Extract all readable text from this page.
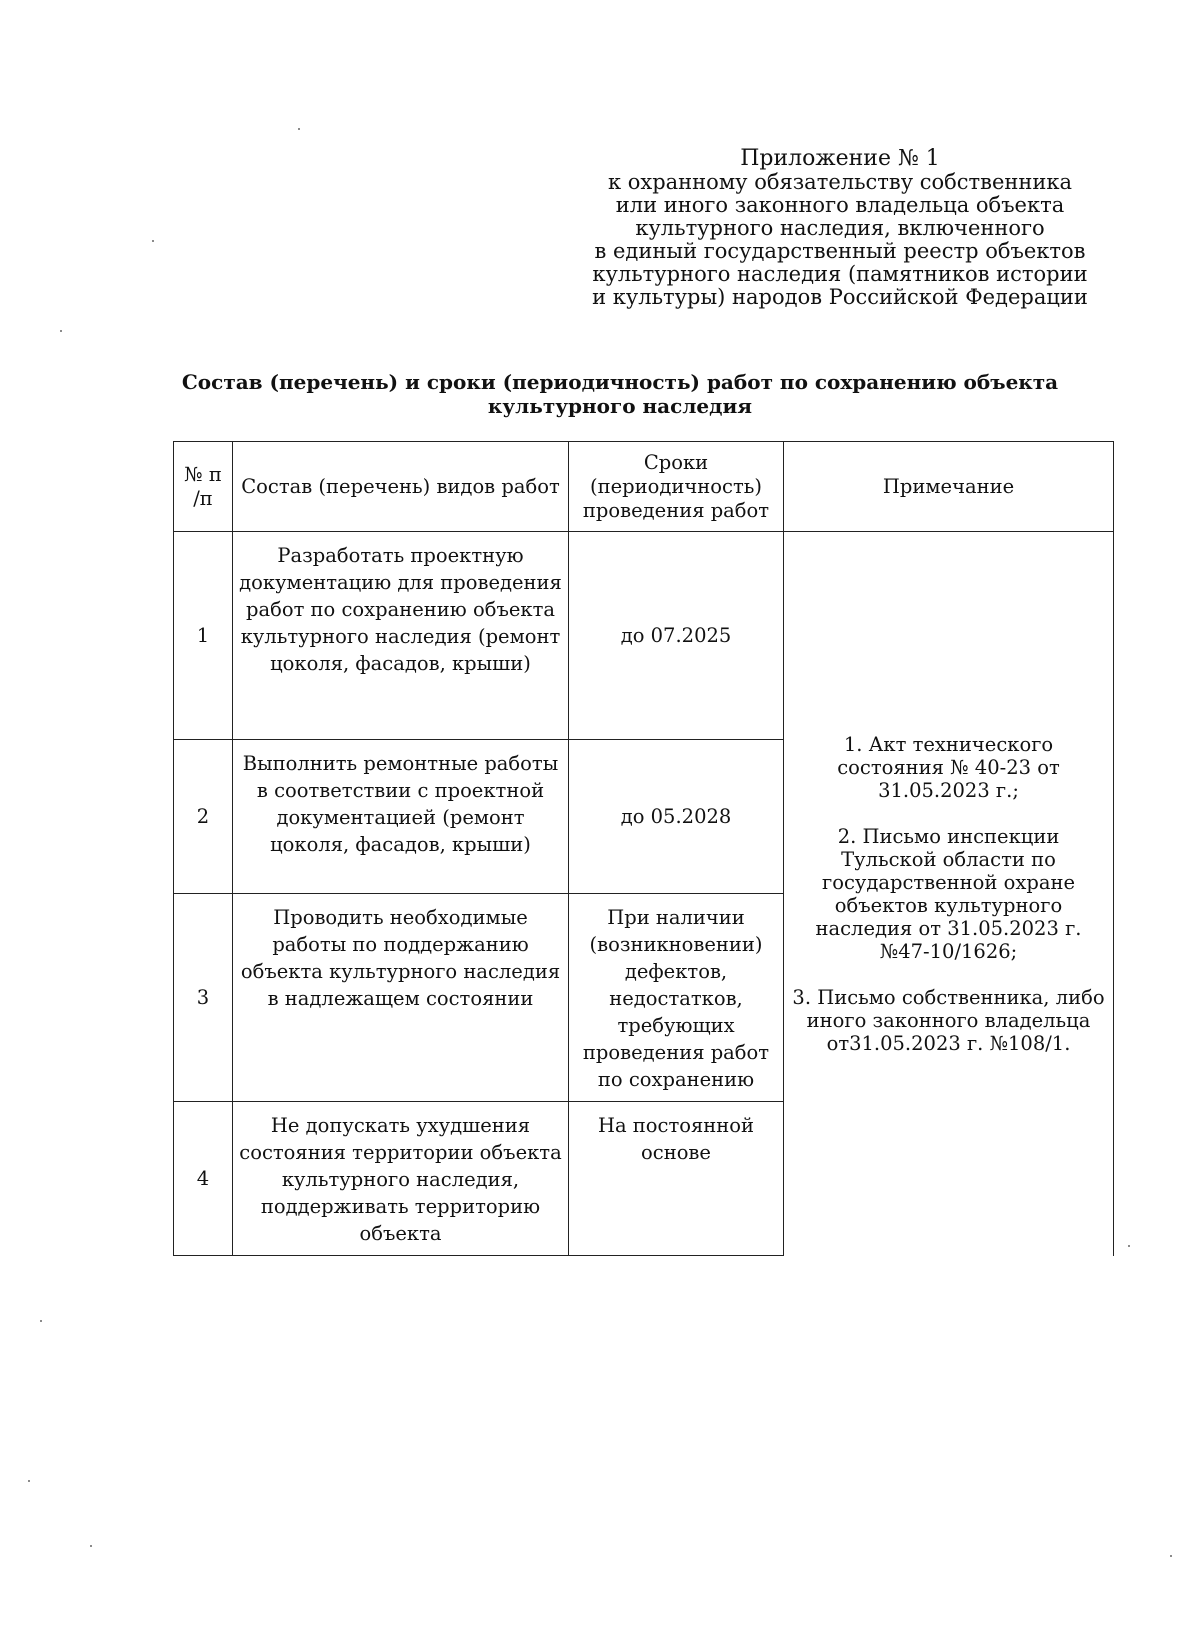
Приложение № 1
к охранному обязательству собственника
или иного законного владельца объекта
культурного наследия, включенного
в единый государственный реестр объектов
культурного наследия (памятников истории
и культуры) народов Российской Федерации
Состав (перечень) и сроки (периодичность) работ по сохранению объекта
культурного наследия
№ п /п	Состав (перечень) видов работ	Сроки (периодичность) проведения работ	Примечание
1	Разработать проектную документацию для проведения работ по сохранению объекта культурного наследия (ремонт цоколя, фасадов, крыши)	до 07.2025	1. Акт технического состояния № 40-23 от 31.05.2023 г.;
2. Письмо инспекции Тульской области по государственной охране объектов культурного наследия от 31.05.2023 г. №47-10/1626;
3. Письмо собственника, либо иного законного владельца от31.05.2023 г. №108/1.

2	Выполнить ремонтные работы в соответствии с проектной документацией (ремонт цоколя, фасадов, крыши)	до 05.2028	
3	Проводить необходимые работы по поддержанию объекта культурного наследия в надлежащем состоянии	При наличии (возникновении) дефектов, недостатков, требующих проведения работ по сохранению	
4	Не допускать ухудшения состояния территории объекта культурного наследия, поддерживать территорию объекта	На постоянной основе	
